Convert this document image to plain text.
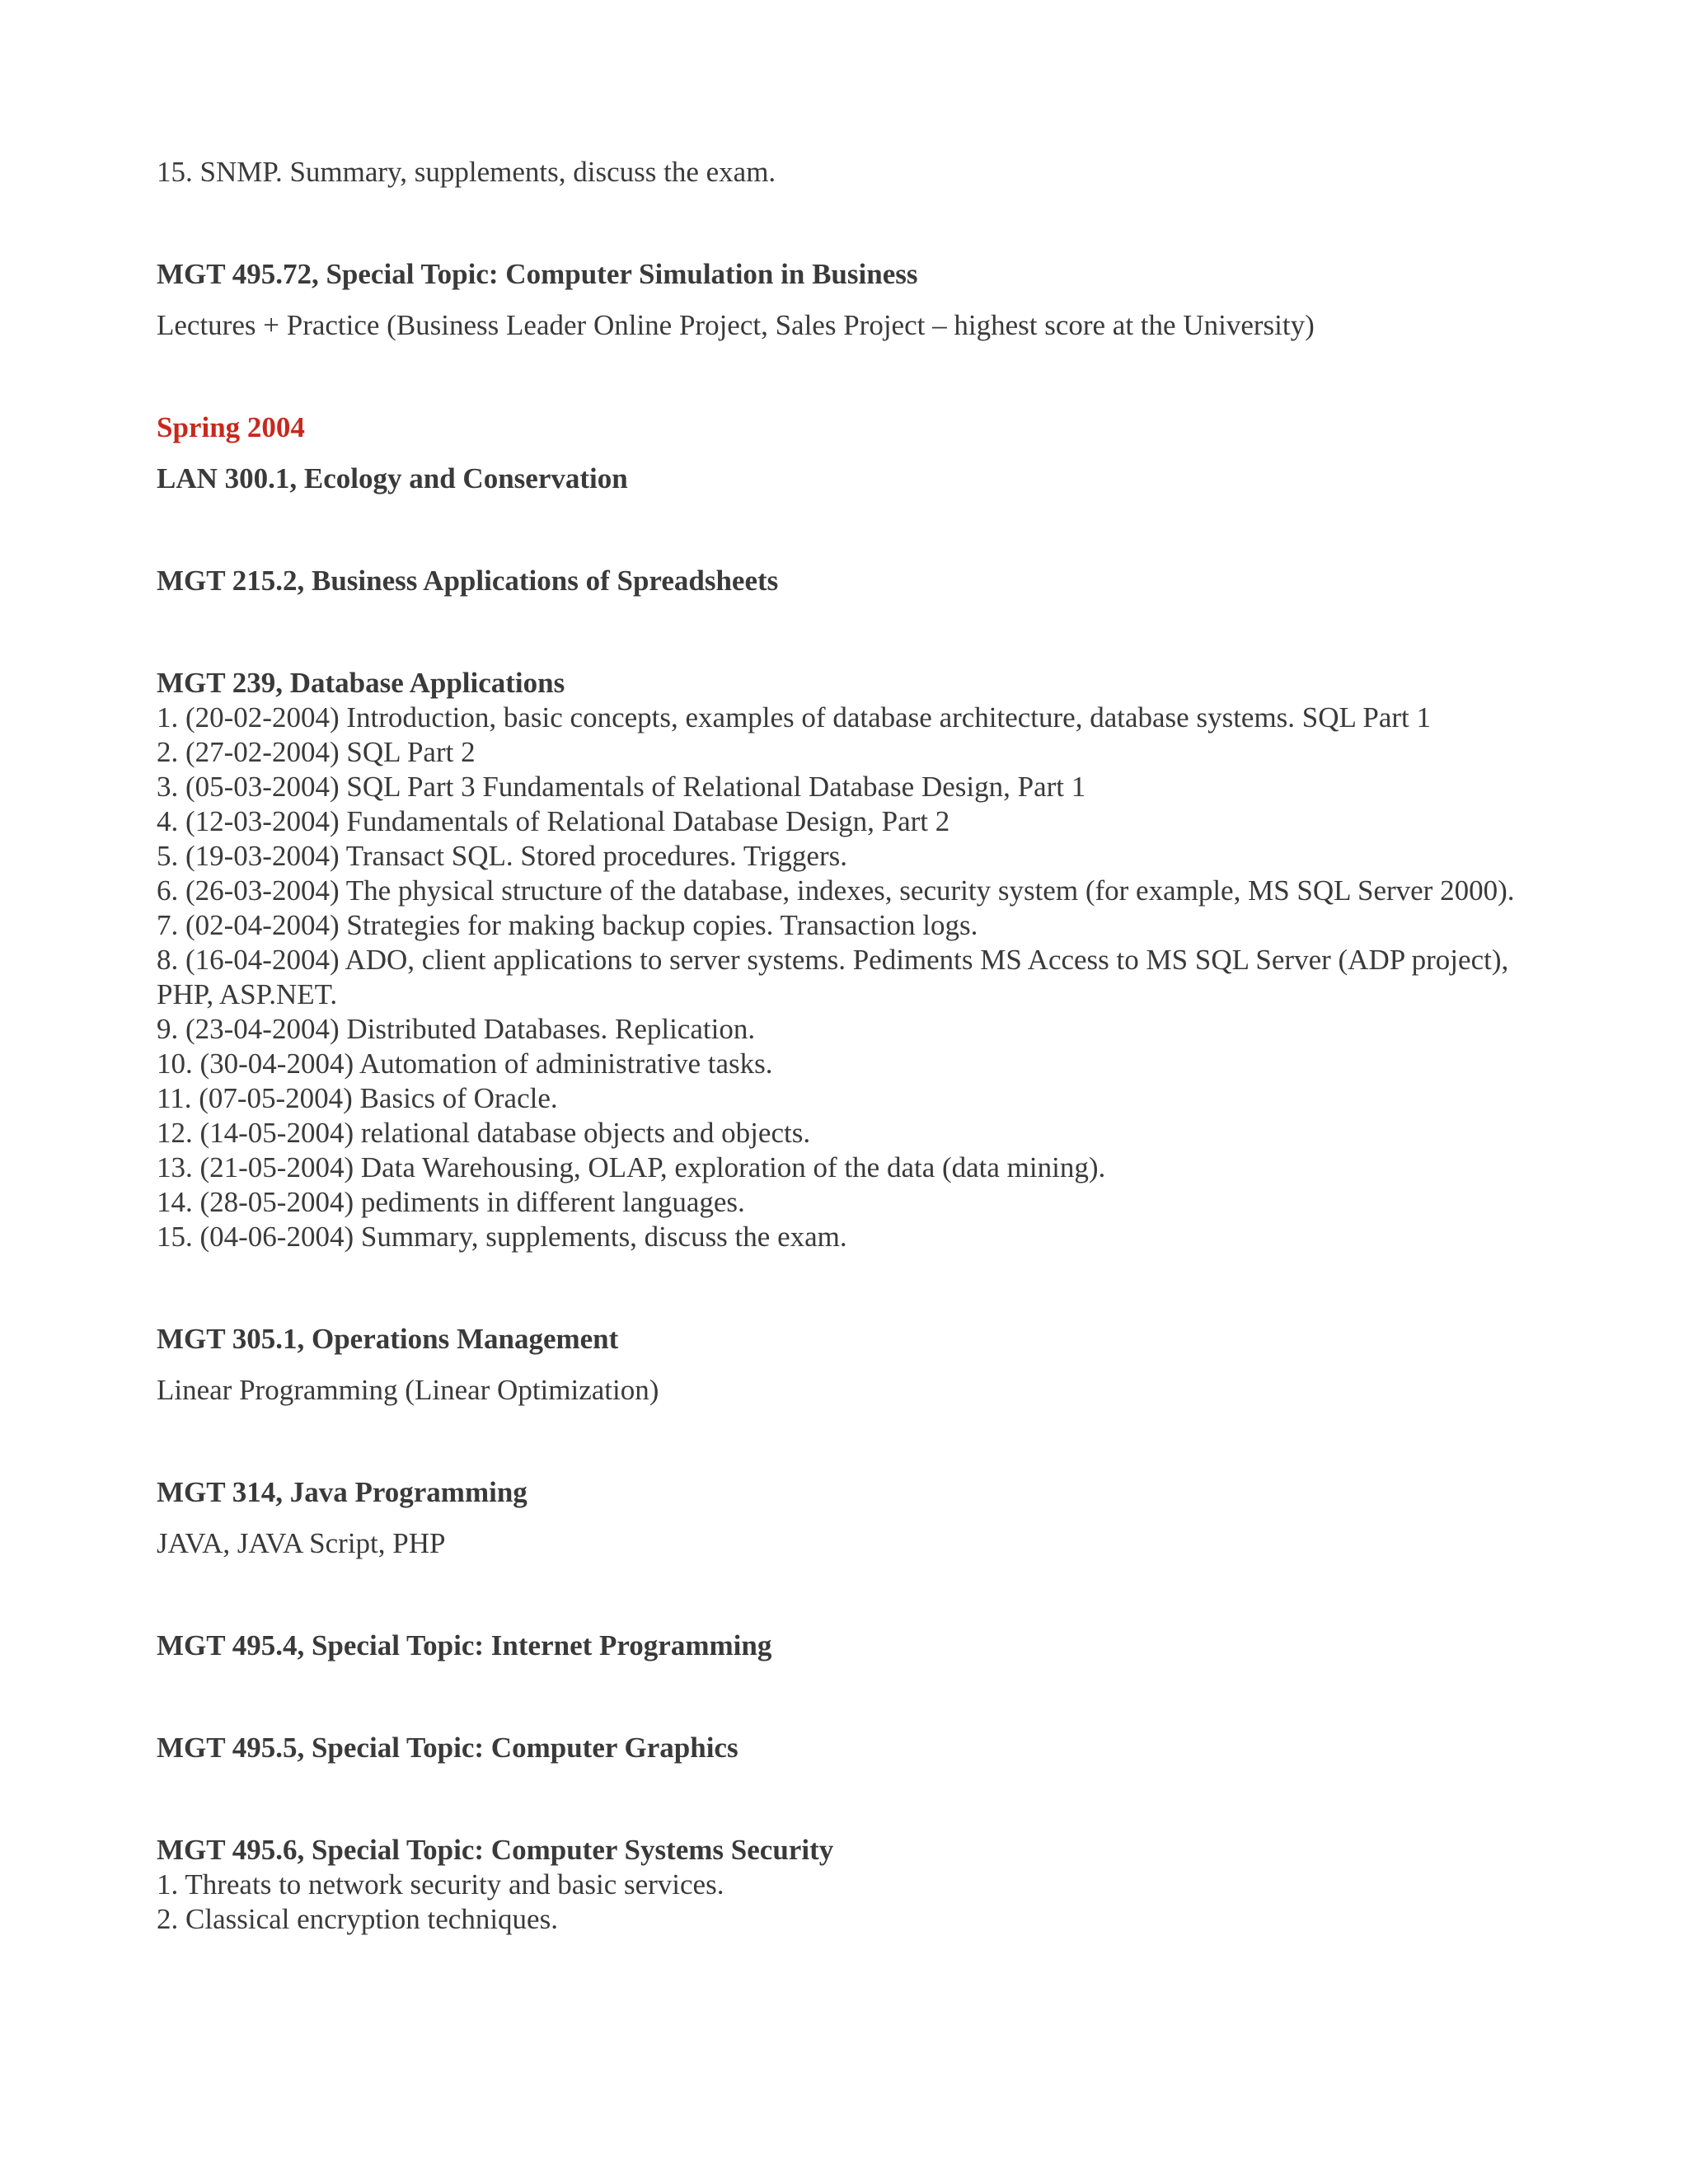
15. SNMP. Summary, supplements, discuss the exam.

MGT 495.72, Special Topic: Computer Simulation in Business

Lectures + Practice (Business Leader Online Project, Sales Project – highest score at the University)

Spring 2004

LAN 300.1, Ecology and Conservation

MGT 215.2, Business Applications of Spreadsheets

MGT 239, Database Applications

1. (20-02-2004) Introduction, basic concepts, examples of database architecture, database systems. SQL Part 1
2. (27-02-2004) SQL Part 2
3. (05-03-2004) SQL Part 3 Fundamentals of Relational Database Design, Part 1
4. (12-03-2004) Fundamentals of Relational Database Design, Part 2
5. (19-03-2004) Transact SQL. Stored procedures. Triggers.
6. (26-03-2004) The physical structure of the database, indexes, security system (for example, MS SQL Server 2000).
7. (02-04-2004) Strategies for making backup copies. Transaction logs.
8. (16-04-2004) ADO, client applications to server systems. Pediments MS Access to MS SQL Server (ADP project), PHP, ASP.NET.
9. (23-04-2004) Distributed Databases. Replication.
10. (30-04-2004) Automation of administrative tasks.
11. (07-05-2004) Basics of Oracle.
12. (14-05-2004) relational database objects and objects.
13. (21-05-2004) Data Warehousing, OLAP, exploration of the data (data mining).
14. (28-05-2004) pediments in different languages.
15. (04-06-2004) Summary, supplements, discuss the exam.

MGT 305.1, Operations Management

Linear Programming (Linear Optimization)

MGT 314, Java Programming

JAVA, JAVA Script, PHP

MGT 495.4, Special Topic: Internet Programming

MGT 495.5, Special Topic: Computer Graphics

MGT 495.6, Special Topic: Computer Systems Security

1. Threats to network security and basic services.
2. Classical encryption techniques.
